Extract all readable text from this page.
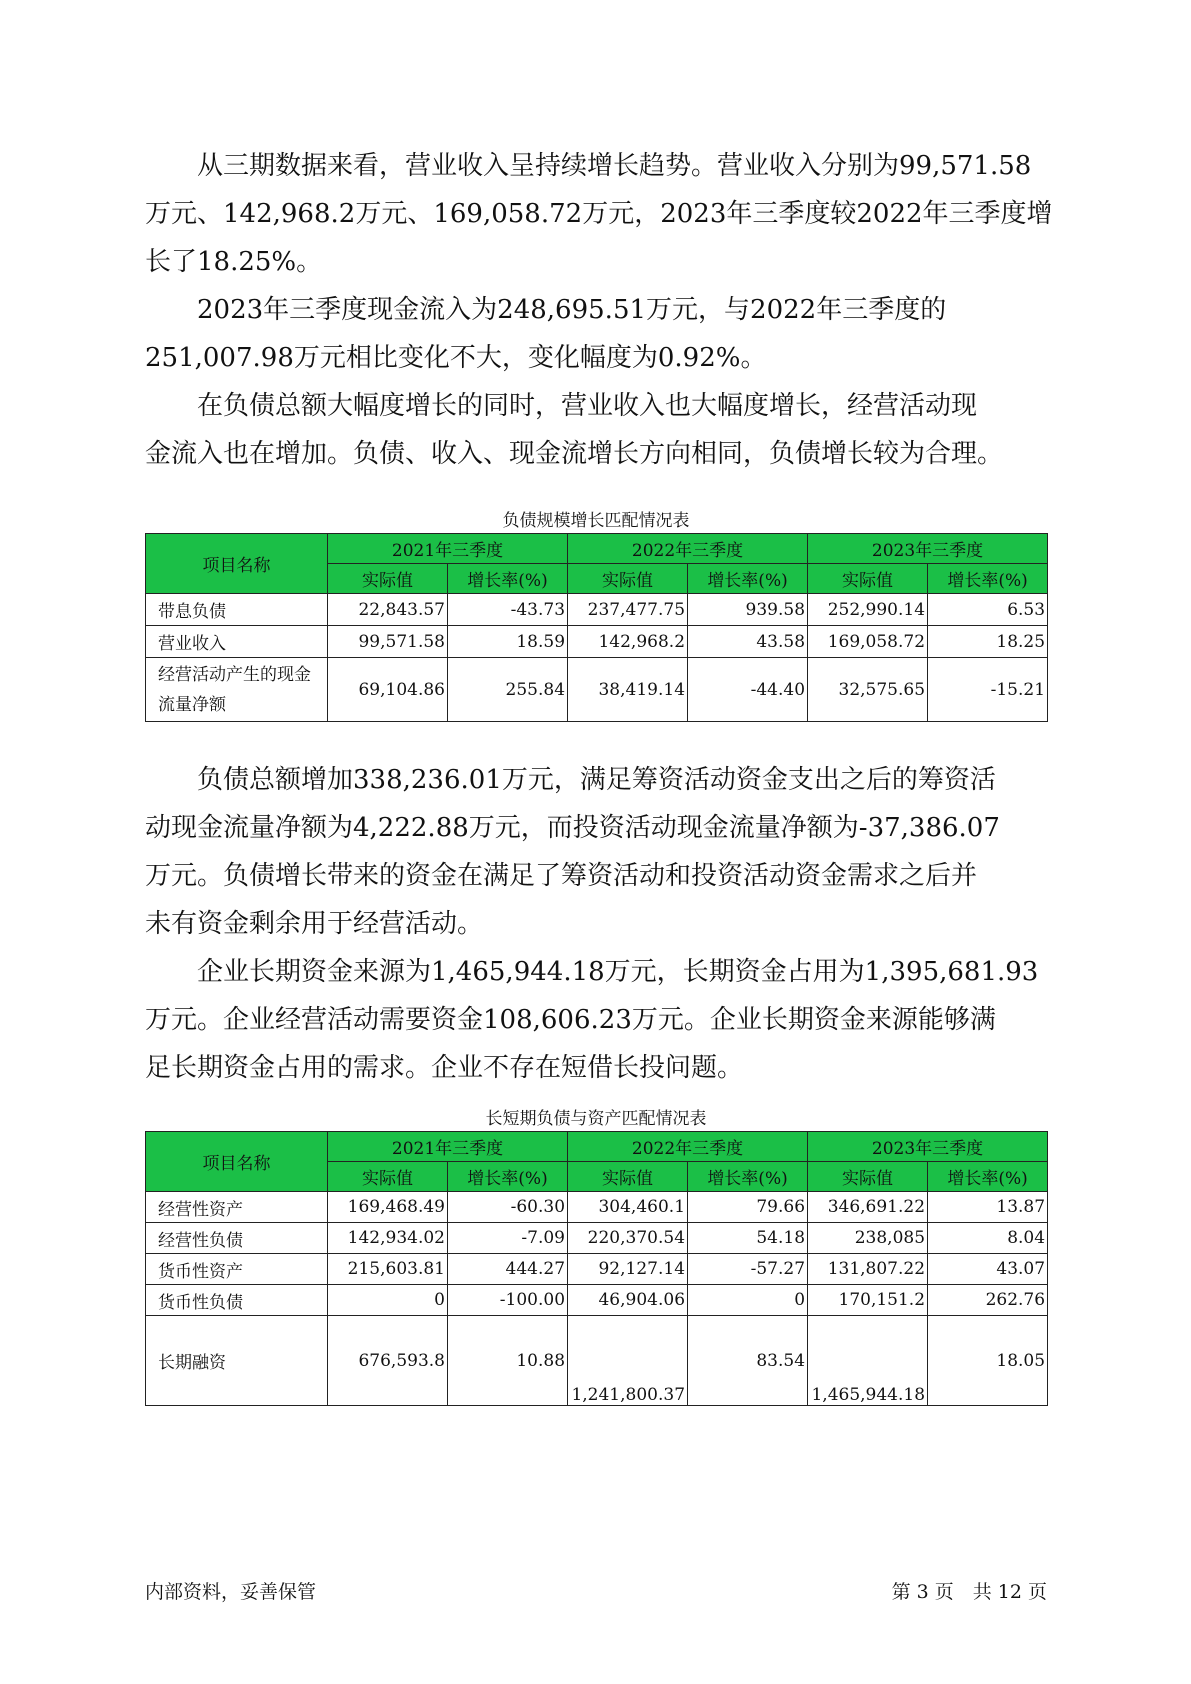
从三期数据来看，营业收入呈持续增长趋势。营业收入分别为99,571.58
万元、142,968.2万元、169,058.72万元，2023年三季度较2022年三季度增
长了18.25%。
2023年三季度现金流入为248,695.51万元，与2022年三季度的
251,007.98万元相比变化不大，变化幅度为0.92%。
在负债总额大幅度增长的同时，营业收入也大幅度增长，经营活动现
金流入也在增加。负债、收入、现金流增长方向相同，负债增长较为合理。
负债规模增长匹配情况表
项目名称	2021年三季度		2022年三季度		2023年三季度	
	实际值	增长率(%)	实际值	增长率(%)	实际值	增长率(%)
带息负债	22,843.57	-43.73	237,477.75	939.58	252,990.14	6.53
营业收入	99,571.58	18.59	142,968.2	43.58	169,058.72	18.25
经营活动产生的现金流量净额	69,104.86	255.84	38,419.14	-44.40	32,575.65	-15.21
负债总额增加338,236.01万元，满足筹资活动资金支出之后的筹资活
动现金流量净额为4,222.88万元，而投资活动现金流量净额为-37,386.07
万元。负债增长带来的资金在满足了筹资活动和投资活动资金需求之后并
未有资金剩余用于经营活动。
企业长期资金来源为1,465,944.18万元，长期资金占用为1,395,681.93
万元。企业经营活动需要资金108,606.23万元。企业长期资金来源能够满
足长期资金占用的需求。企业不存在短借长投问题。
长短期负债与资产匹配情况表
项目名称	2021年三季度		2022年三季度		2023年三季度	
	实际值	增长率(%)	实际值	增长率(%)	实际值	增长率(%)
经营性资产	169,468.49	-60.30	304,460.1	79.66	346,691.22	13.87
经营性负债	142,934.02	-7.09	220,370.54	54.18	238,085	8.04
货币性资产	215,603.81	444.27	92,127.14	-57.27	131,807.22	43.07
货币性负债	0	-100.00	46,904.06	0	170,151.2	262.76
长期融资	676,593.8	10.88	1,241,800.37	83.54	1,465,944.18	18.05
内部资料，妥善保管	第 3 页　共 12 页
